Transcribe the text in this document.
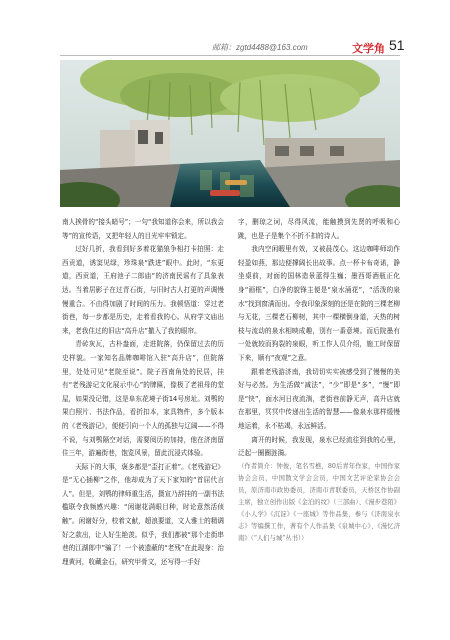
邮箱：zgtd4488@163.com	文学角 51

南人挨骨的“接头暗号”；一句“我知道你会来，所以我会等”的宣传语，又把年轻人的目光牢牢锁定。

过好几折，我看到好多着花猫狼争相打卡拍照：走西贡道，诱窦见绿，珍珠泉“跌进”眼中。此时，“东更道，西贡道，王府池子二郎庙”的济南民谣有了具象表达。当着居影子在过青石街，与旧时古人打更的声调慢慢重合。不由得加剧了时间的压力。我顿悟道：穿过老街巷，每一步都是历史，走着看我的心。从府学文庙出来，老我住过的旧店“高升店”撤入了我的眼帘。

青砖灰瓦，古朴盎面，走进院落，仍保留过去的历史样貌。一家知名品牌咖啡馆入驻“高升店”，但院落里，处处可见“老院至说”。院子西南角处的民居，挂有“老残游记文化展示中心”的牌匾，像极了老祖母的堂屋，如果没记错，这是阜东花境子街14号房址。刘鹗的果白照片、书法作品，看折扣本，家具物件，多个版本的《老残游记》，便便引向一个人的孤独与辽阔——不得不说，与刘鹗隔空对话，需要阅历的加持，他在济南留住三年，游遍街巷，饱览风景，留此沉浸式体验。

天际下的大事，褒多都是“歪打正着”。《老残游记》是“无心插柳”之作，他却成为了天下家知的“首屈代言人”。但是，刘鹗的律师重生活，摄宣乃辞挂的一副书法槛联令我频感兴趣：“闲谢花满眼目种，时论意然活侦触”。闲谢好分，校着文献，超浪要道，文人雅士的精调好之款出，让人好生艳羡。似乎，我们都被“那个走街串巷的江湖郎中”骗了！一个被遗蔽的“老残”在此现身：治理黄河，收藏金石，研究甲骨文，还写得一手好

字，删琼之词，尽得风流，能触摸到先贤的呼吸和心跳，也是子是集个不折不扣的诗人。

我内空闲暇里有效，又被晨茂心。这边咖啡师动作轻盈如燕，那边便撑阔长出故事。点一杯卡布奇诺，静坐桌前，对面的国林造景蓝得生巍；墨西哥酒瓶正化身“画框”，白净的貌锋主便是“泉水涌花”，“活泼的泉水”找到窗满而出。令我印象深刻的还是在院的三棵老柳与无花，三棵老石柳树，其中一棵横倒身道，天热的树枝与流动的泉水相映成趣，别有一番意境。而后院墨有一处就较而狗裂的泉眼，听工作人员介绍，施工时保留下来，顺有“夜观”之意。

跟着老残游济南，我切切实实被感受到了慢慢的美好与必然。为生活做“减法”，“少”即是“多”，“慢”即是“快”，面水河日夜流淌，老街巷前静无声，高升店就在那里，冥冥中传递出生活的智慧——像泉水那样缓慢地运着，永不枯竭，永远鲜活。

离开的时候，我发现，泉水已经流往到我的心里，泛起一圈圈涟漪。

（作者简介：钟俊，笔名雪樵，80后青年作家，中国作家协会会员，中国散文学会会员，中国文艺评论家协会会员，原济南市政协委员，济南市青联委员，天桥区作协副主席，独立创作出版《金泊的纹》（三部曲）、《漫步巷陌》《小人学》《沉淀》《一座城》等作品集，参与《济南泉水志》等编撰工作，著有个人作品集《泉城中心》、《漫忆济南》（“人们与城”丛书））
